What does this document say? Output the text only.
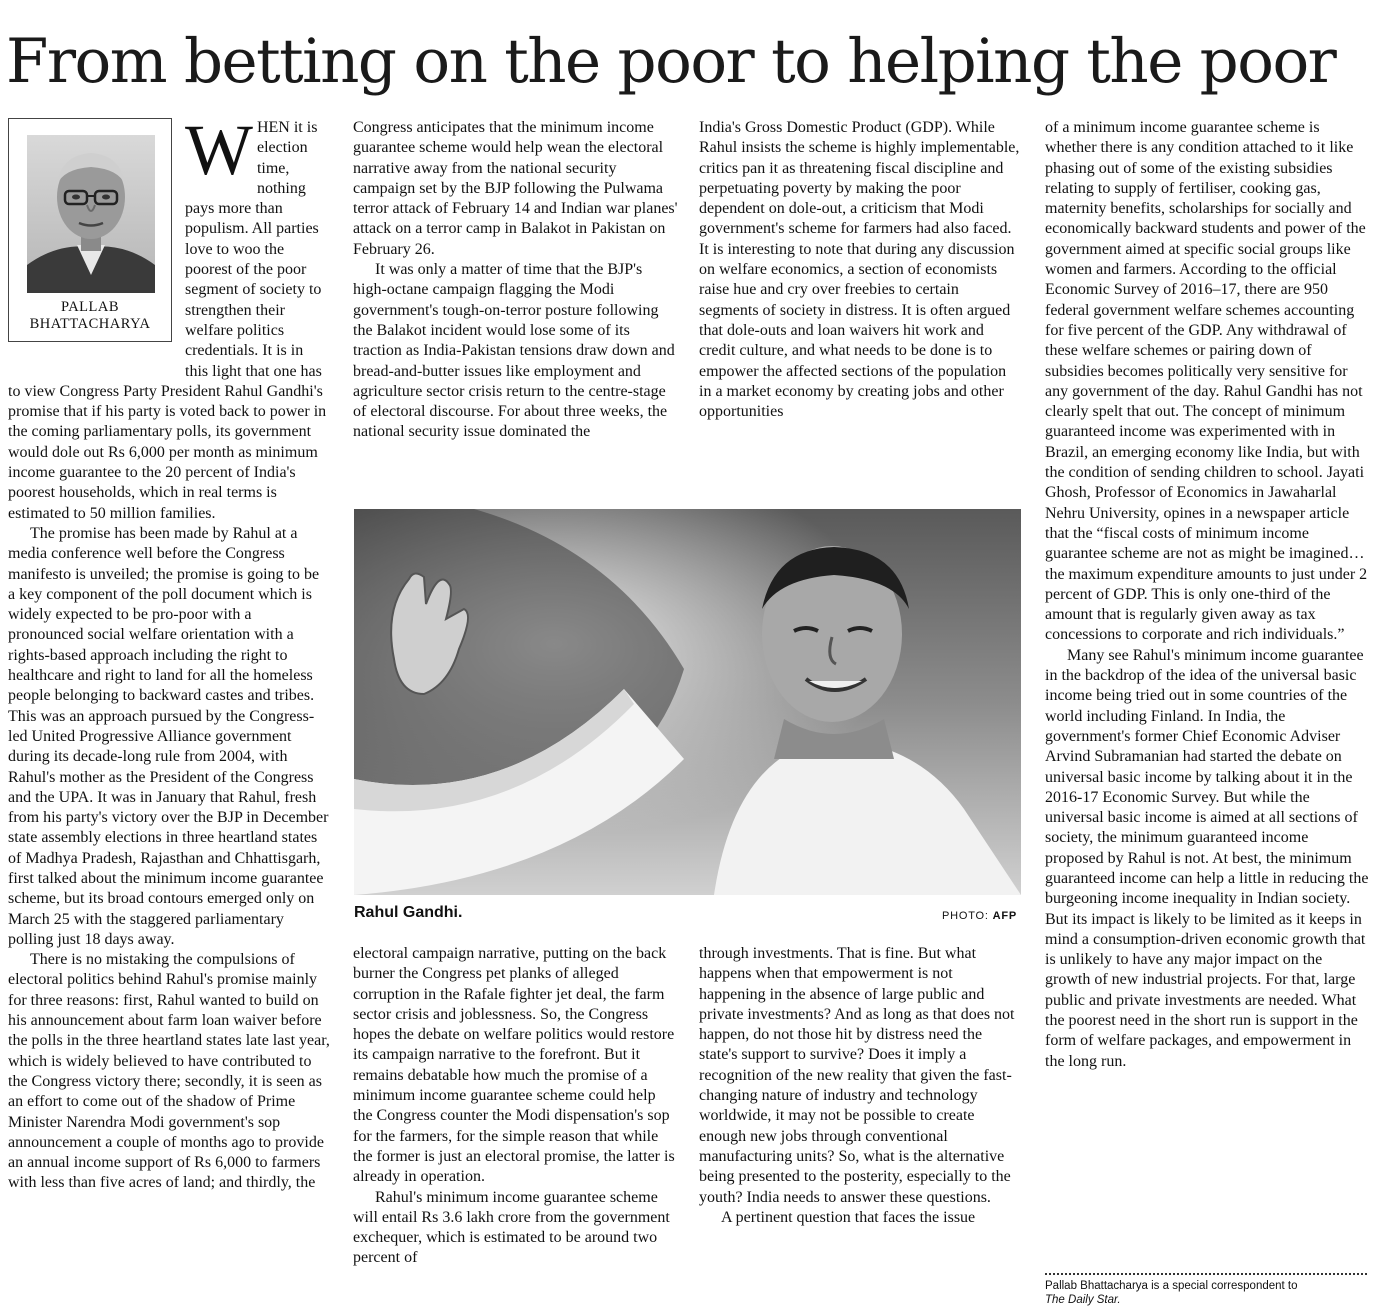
From betting on the poor to helping the poor

WHEN it is election time, nothing pays more than populism. All parties love to woo the poorest of the poor segment of society to strengthen their welfare politics credentials. It is in this light that one has to view Congress Party President Rahul Gandhi's promise that if his party is voted back to power in the coming parliamentary polls, its government would dole out Rs 6,000 per month as minimum income guarantee to the 20 percent of India's poorest households, which in real terms is estimated to 50 million families.

The promise has been made by Rahul at a media conference well before the Congress manifesto is unveiled; the promise is going to be a key component of the poll document which is widely expected to be pro-poor with a pronounced social welfare orientation with a rights-based approach including the right to healthcare and right to land for all the homeless people belonging to backward castes and tribes. This was an approach pursued by the Congress-led United Progressive Alliance government during its decade-long rule from 2004, with Rahul's mother as the President of the Congress and the UPA. It was in January that Rahul, fresh from his party's victory over the BJP in December state assembly elections in three heartland states of Madhya Pradesh, Rajasthan and Chhattisgarh, first talked about the minimum income guarantee scheme, but its broad contours emerged only on March 25 with the staggered parliamentary polling just 18 days away.

There is no mistaking the compulsions of electoral politics behind Rahul's promise mainly for three reasons: first, Rahul wanted to build on his announcement about farm loan waiver before the polls in the three heartland states late last year, which is widely believed to have contributed to the Congress victory there; secondly, it is seen as an effort to come out of the shadow of Prime Minister Narendra Modi government's sop announcement a couple of months ago to provide an annual income support of Rs 6,000 to farmers with less than five acres of land; and thirdly, the

PALLAB
BHATTACHARYA

Congress anticipates that the minimum income guarantee scheme would help wean the electoral narrative away from the national security campaign set by the BJP following the Pulwama terror attack of February 14 and Indian war planes' attack on a terror camp in Balakot in Pakistan on February 26.

It was only a matter of time that the BJP's high-octane campaign flagging the Modi government's tough-on-terror posture following the Balakot incident would lose some of its traction as India-Pakistan tensions draw down and bread-and-butter issues like employment and agriculture sector crisis return to the centre-stage of electoral discourse. For about three weeks, the national security issue dominated the

India's Gross Domestic Product (GDP). While Rahul insists the scheme is highly implementable, critics pan it as threatening fiscal discipline and perpetuating poverty by making the poor dependent on dole-out, a criticism that Modi government's scheme for farmers had also faced. It is interesting to note that during any discussion on welfare economics, a section of economists raise hue and cry over freebies to certain segments of society in distress. It is often argued that dole-outs and loan waivers hit work and credit culture, and what needs to be done is to empower the affected sections of the population in a market economy by creating jobs and other opportunities

Rahul Gandhi.	PHOTO: AFP

electoral campaign narrative, putting on the back burner the Congress pet planks of alleged corruption in the Rafale fighter jet deal, the farm sector crisis and joblessness. So, the Congress hopes the debate on welfare politics would restore its campaign narrative to the forefront. But it remains debatable how much the promise of a minimum income guarantee scheme could help the Congress counter the Modi dispensation's sop for the farmers, for the simple reason that while the former is just an electoral promise, the latter is already in operation.

Rahul's minimum income guarantee scheme will entail Rs 3.6 lakh crore from the government exchequer, which is estimated to be around two percent of

through investments. That is fine. But what happens when that empowerment is not happening in the absence of large public and private investments? And as long as that does not happen, do not those hit by distress need the state's support to survive? Does it imply a recognition of the new reality that given the fast-changing nature of industry and technology worldwide, it may not be possible to create enough new jobs through conventional manufacturing units? So, what is the alternative being presented to the posterity, especially to the youth? India needs to answer these questions.

A pertinent question that faces the issue

of a minimum income guarantee scheme is whether there is any condition attached to it like phasing out of some of the existing subsidies relating to supply of fertiliser, cooking gas, maternity benefits, scholarships for socially and economically backward students and power of the government aimed at specific social groups like women and farmers. According to the official Economic Survey of 2016–17, there are 950 federal government welfare schemes accounting for five percent of the GDP. Any withdrawal of these welfare schemes or pairing down of subsidies becomes politically very sensitive for any government of the day. Rahul Gandhi has not clearly spelt that out. The concept of minimum guaranteed income was experimented with in Brazil, an emerging economy like India, but with the condition of sending children to school. Jayati Ghosh, Professor of Economics in Jawaharlal Nehru University, opines in a newspaper article that the “fiscal costs of minimum income guarantee scheme are not as might be imagined… the maximum expenditure amounts to just under 2 percent of GDP. This is only one-third of the amount that is regularly given away as tax concessions to corporate and rich individuals.”

Many see Rahul's minimum income guarantee in the backdrop of the idea of the universal basic income being tried out in some countries of the world including Finland. In India, the government's former Chief Economic Adviser Arvind Subramanian had started the debate on universal basic income by talking about it in the 2016-17 Economic Survey. But while the universal basic income is aimed at all sections of society, the minimum guaranteed income proposed by Rahul is not. At best, the minimum guaranteed income can help a little in reducing the burgeoning income inequality in Indian society. But its impact is likely to be limited as it keeps in mind a consumption-driven economic growth that is unlikely to have any major impact on the growth of new industrial projects. For that, large public and private investments are needed. What the poorest need in the short run is support in the form of welfare packages, and empowerment in the long run.

Pallab Bhattacharya is a special correspondent to
The Daily Star.
